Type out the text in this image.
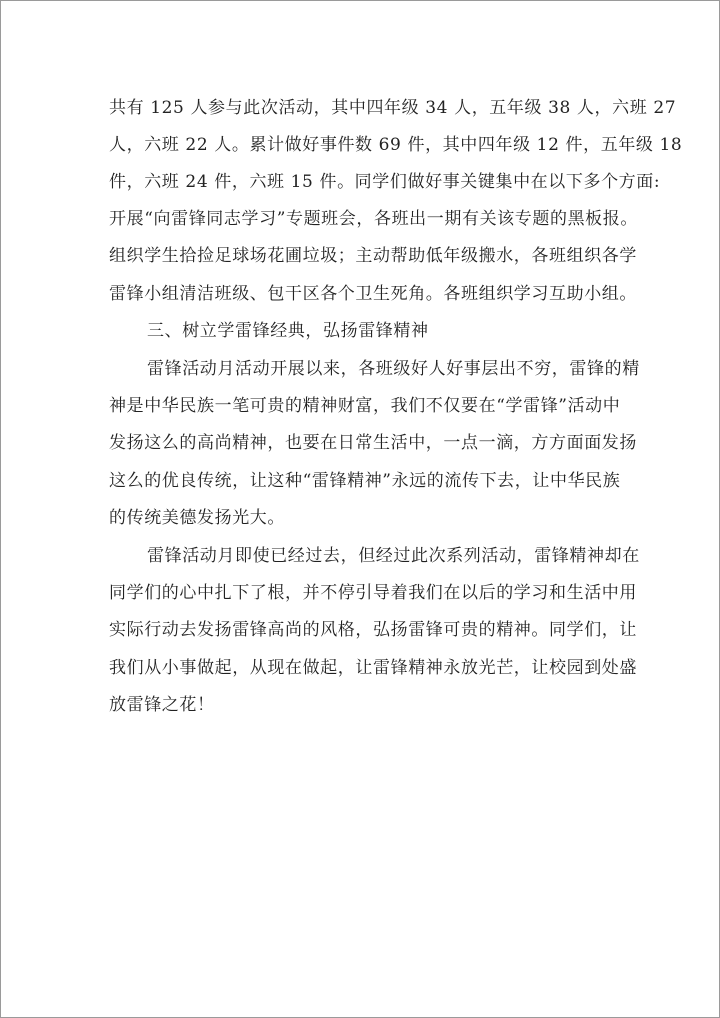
共有 125 人参与此次活动，其中四年级 34 人，五年级 38 人，六班 27
人，六班 22 人。累计做好事件数 69 件，其中四年级 12 件，五年级 18
件，六班 24 件，六班 15 件。同学们做好事关键集中在以下多个方面:
开展“向雷锋同志学习”专题班会，各班出一期有关该专题的黑板报。
组织学生拾捡足球场花圃垃圾；主动帮助低年级搬水，各班组织各学
雷锋小组清洁班级、包干区各个卫生死角。各班组织学习互助小组。
三、树立学雷锋经典，弘扬雷锋精神
雷锋活动月活动开展以来，各班级好人好事层出不穷，雷锋的精
神是中华民族一笔可贵的精神财富，我们不仅要在“学雷锋”活动中
发扬这么的高尚精神，也要在日常生活中，一点一滴，方方面面发扬
这么的优良传统，让这种“雷锋精神”永远的流传下去，让中华民族
的传统美德发扬光大。
雷锋活动月即使已经过去，但经过此次系列活动，雷锋精神却在
同学们的心中扎下了根，并不停引导着我们在以后的学习和生活中用
实际行动去发扬雷锋高尚的风格，弘扬雷锋可贵的精神。同学们，让
我们从小事做起，从现在做起，让雷锋精神永放光芒，让校园到处盛
放雷锋之花！
